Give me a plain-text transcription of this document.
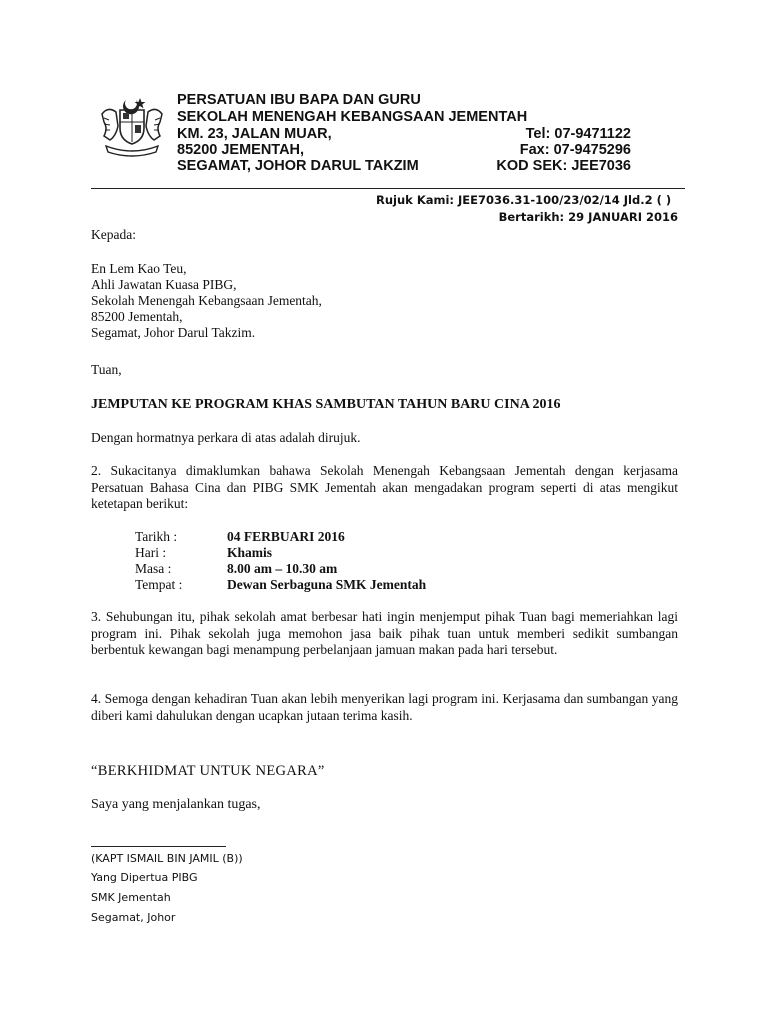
PERSATUAN IBU BAPA DAN GURU
SEKOLAH MENENGAH KEBANGSAAN JEMENTAH
KM. 23, JALAN MUAR,
85200 JEMENTAH,
SEGAMAT, JOHOR DARUL TAKZIM
Tel: 07-9471122
Fax: 07-9475296
KOD SEK: JEE7036
Rujuk Kami: JEE7036.31-100/23/02/14 Jld.2 ( )
Bertarikh: 29 JANUARI 2016
Kepada:
En Lem Kao Teu,
Ahli Jawatan Kuasa PIBG,
Sekolah Menengah Kebangsaan Jementah,
85200 Jementah,
Segamat, Johor Darul Takzim.
Tuan,
JEMPUTAN KE PROGRAM KHAS SAMBUTAN TAHUN BARU CINA 2016
Dengan hormatnya perkara di atas adalah dirujuk.
2. Sukacitanya dimaklumkan bahawa Sekolah Menengah Kebangsaan Jementah dengan kerjasama Persatuan Bahasa Cina dan PIBG SMK Jementah akan mengadakan program seperti di atas mengikut ketetapan berikut:
Tarikh :	04 FERBUARI 2016
Hari :	Khamis
Masa :	8.00 am – 10.30 am
Tempat :	Dewan Serbaguna SMK Jementah
3. Sehubungan itu, pihak sekolah amat berbesar hati ingin menjemput pihak Tuan bagi memeriahkan lagi program ini. Pihak sekolah juga memohon jasa baik pihak tuan untuk memberi sedikit sumbangan berbentuk kewangan bagi menampung perbelanjaan jamuan makan pada hari tersebut.
4. Semoga dengan kehadiran Tuan akan lebih menyerikan lagi program ini. Kerjasama dan sumbangan yang diberi kami dahulukan dengan ucapkan jutaan terima kasih.
“BERKHIDMAT UNTUK NEGARA”
Saya yang menjalankan tugas,
(KAPT ISMAIL BIN JAMIL (B))
Yang Dipertua PIBG
SMK Jementah
Segamat, Johor
